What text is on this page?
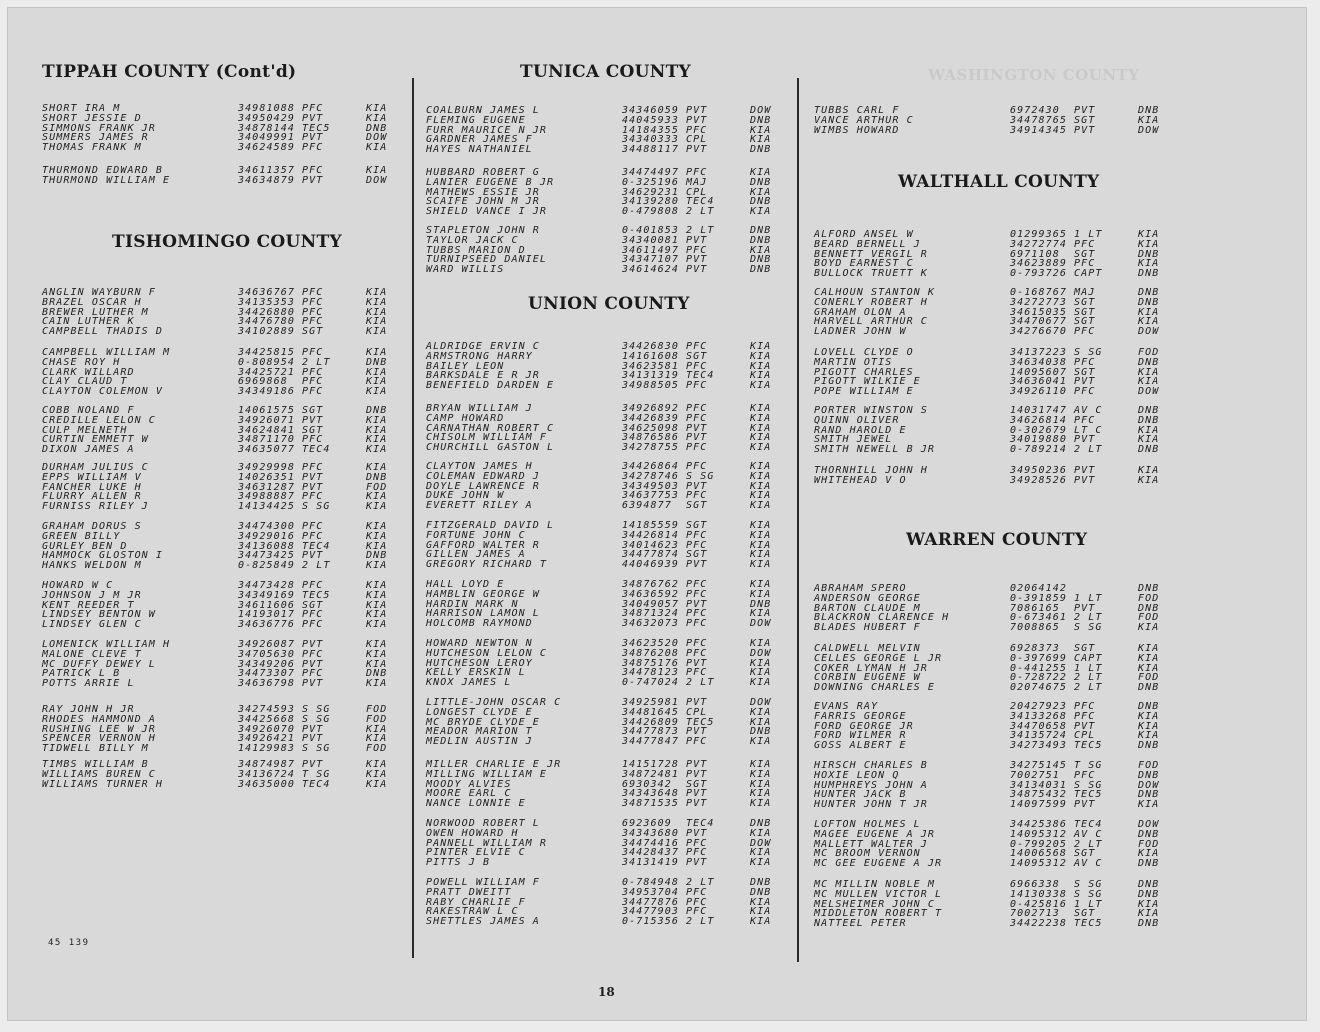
WASHINGTON COUNTY
TIPPAH COUNTY (Cont'd)
SHORT IRA M	34981088 PFC	KIA
SHORT JESSIE D	34950429 PVT	KIA
SIMMONS FRANK JR	34878144 TEC5	DNB
SUMMERS JAMES R	34049991 PVT	DOW
THOMAS FRANK M	34624589 PFC	KIA
THURMOND EDWARD B	34611357 PFC	KIA
THURMOND WILLIAM E	34634879 PVT	DOW
TISHOMINGO COUNTY
ANGLIN WAYBURN F	34636767 PFC	KIA
BRAZEL OSCAR H	34135353 PFC	KIA
BREWER LUTHER M	34426880 PFC	KIA
CAIN LUTHER K	34476780 PFC	KIA
CAMPBELL THADIS D	34102889 SGT	KIA
CAMPBELL WILLIAM M	34425815 PFC	KIA
CHASE ROY H	0-808954 2 LT	DNB
CLARK WILLARD	34425721 PFC	KIA
CLAY CLAUD T	6969868 PFC	KIA
CLAYTON COLEMON V	34349186 PFC	KIA
COBB NOLAND F	14061575 SGT	DNB
CREDILLE LELON C	34926071 PVT	KIA
CULP MELNETH	34624841 SGT	KIA
CURTIN EMMETT W	34871170 PFC	KIA
DIXON JAMES A	34635077 TEC4	KIA
DURHAM JULIUS C	34929998 PFC	KIA
EPPS WILLIAM V	14026351 PVT	DNB
FANCHER LUKE H	34631287 PVT	FOD
FLURRY ALLEN R	34988887 PFC	KIA
FURNISS RILEY J	14134425 S SG	KIA
GRAHAM DORUS S	34474300 PFC	KIA
GREEN BILLY	34929016 PFC	KIA
GURLEY BEN D	34136088 TEC4	KIA
HAMMOCK GLOSTON I	34473425 PVT	DNB
HANKS WELDON M	0-825849 2 LT	KIA
HOWARD W C	34473428 PFC	KIA
JOHNSON J M JR	34349169 TEC5	KIA
KENT REEDER T	34611606 SGT	KIA
LINDSEY BENTON W	14193017 PFC	KIA
LINDSEY GLEN C	34636776 PFC	KIA
LOMENICK WILLIAM H	34926087 PVT	KIA
MALONE CLEVE T	34705630 PFC	KIA
MC DUFFY DEWEY L	34349206 PVT	KIA
PATRICK L B	34473307 PFC	DNB
POTTS ARRIE L	34636798 PVT	KIA
RAY JOHN H JR	34274593 S SG	FOD
RHODES HAMMOND A	34425668 S SG	FOD
RUSHING LEE W JR	34926070 PVT	KIA
SPENCER VERNON H	34926421 PVT	KIA
TIDWELL BILLY M	14129983 S SG	FOD
TIMBS WILLIAM B	34874987 PVT	KIA
WILLIAMS BUREN C	34136724 T SG	KIA
WILLIAMS TURNER H	34635000 TEC4	KIA
TUNICA COUNTY
COALBURN JAMES L	34346059 PVT	DOW
FLEMING EUGENE	44045933 PVT	DNB
FURR MAURICE N JR	14184355 PFC	KIA
GARDNER JAMES F	34340333 CPL	KIA
HAYES NATHANIEL	34488117 PVT	DNB
HUBBARD ROBERT G	34474497 PFC	KIA
LANIER EUGENE B JR	0-325196 MAJ	DNB
MATHEWS ESSIE JR	34629231 CPL	KIA
SCAIFE JOHN M JR	34139280 TEC4	DNB
SHIELD VANCE I JR	0-479808 2 LT	KIA
STAPLETON JOHN R	0-401853 2 LT	DNB
TAYLOR JACK C	34340081 PVT	DNB
TUBBS MARION D	34611497 PFC	KIA
TURNIPSEED DANIEL	34347107 PVT	DNB
WARD WILLIS	34614624 PVT	DNB
UNION COUNTY
ALDRIDGE ERVIN C	34426830 PFC	KIA
ARMSTRONG HARRY	14161608 SGT	KIA
BAILEY LEON	34623581 PFC	KIA
BARKSDALE E R JR	34131319 TEC4	KIA
BENEFIELD DARDEN E	34988505 PFC	KIA
BRYAN WILLIAM J	34926892 PFC	KIA
CAMP HOWARD	34426839 PFC	KIA
CARNATHAN ROBERT C	34625098 PVT	KIA
CHISOLM WILLIAM F	34876586 PVT	KIA
CHURCHILL GASTON L	34278755 PFC	KIA
CLAYTON JAMES H	34426864 PFC	KIA
COLEMAN EDWARD J	34278746 S SG	KIA
DOYLE LAWRENCE R	34349503 PVT	KIA
DUKE JOHN W	34637753 PFC	KIA
EVERETT RILEY A	6394877 SGT	KIA
FITZGERALD DAVID L	14185559 SGT	KIA
FORTUNE JOHN C	34426814 PFC	KIA
GAFFORD WALTER R	34014623 PFC	KIA
GILLEN JAMES A	34477874 SGT	KIA
GREGORY RICHARD T	44046939 PVT	KIA
HALL LOYD E	34876762 PFC	KIA
HAMBLIN GEORGE W	34636592 PFC	KIA
HARDIN MARK N	34049057 PVT	DNB
HARRISON LAMON L	34871324 PFC	KIA
HOLCOMB RAYMOND	34632073 PFC	DOW
HOWARD NEWTON N	34623520 PFC	KIA
HUTCHESON LELON C	34876208 PFC	DOW
HUTCHESON LEROY	34875176 PVT	KIA
KELLY ERSKIN L	34478123 PFC	KIA
KNOX JAMES L	0-747024 2 LT	KIA
LITTLE-JOHN OSCAR C	34925981 PVT	DOW
LONGEST CLYDE E	34481645 CPL	KIA
MC BRYDE CLYDE E	34426809 TEC5	KIA
MEADOR MARION T	34477873 PVT	DNB
MEDLIN AUSTIN J	34477847 PFC	KIA
MILLER CHARLIE E JR	14151728 PVT	KIA
MILLING WILLIAM E	34872481 PVT	KIA
MOODY ALVIES	6930342 SGT	KIA
MOORE EARL C	34343648 PVT	KIA
NANCE LONNIE E	34871535 PVT	KIA
NORWOOD ROBERT L	6923609 TEC4	DNB
OWEN HOWARD H	34343680 PVT	KIA
PANNELL WILLIAM R	34474416 PFC	DOW
PINTER ELVIE C	34428437 PFC	KIA
PITTS J B	34131419 PVT	KIA
POWELL WILLIAM F	0-784948 2 LT	DNB
PRATT DWEITT	34953704 PFC	DNB
RABY CHARLIE F	34477876 PFC	KIA
RAKESTRAW L C	34477903 PFC	KIA
SHETTLES JAMES A	0-715356 2 LT	KIA
TUBBS CARL F	6972430 PVT	DNB
VANCE ARTHUR C	34478765 SGT	KIA
WIMBS HOWARD	34914345 PVT	DOW
WALTHALL COUNTY
ALFORD ANSEL W	01299365 1 LT	KIA
BEARD BERNELL J	34272774 PFC	KIA
BENNETT VERGIL R	6971108 SGT	DNB
BOYD EARNEST C	34623889 PFC	KIA
BULLOCK TRUETT K	0-793726 CAPT	DNB
CALHOUN STANTON K	0-168767 MAJ	DNB
CONERLY ROBERT H	34272773 SGT	DNB
GRAHAM OLON A	34615035 SGT	KIA
HARVELL ARTHUR C	34470677 SGT	KIA
LADNER JOHN W	34276670 PFC	DOW
LOVELL CLYDE O	34137223 S SG	FOD
MARTIN OTIS	34634038 PFC	DNB
PIGOTT CHARLES	14095607 SGT	KIA
PIGOTT WILKIE E	34636041 PVT	KIA
POPE WILLIAM E	34926110 PFC	DOW
PORTER WINSTON S	14031747 AV C	DNB
QUINN OLIVER	34626814 PFC	DNB
RAND HAROLD E	0-302679 LT C	KIA
SMITH JEWEL	34019880 PVT	KIA
SMITH NEWELL B JR	0-789214 2 LT	DNB
THORNHILL JOHN H	34950236 PVT	KIA
WHITEHEAD V O	34928526 PVT	KIA
WARREN COUNTY
ABRAHAM SPERO	02064142	DNB
ANDERSON GEORGE	0-391859 1 LT	FOD
BARTON CLAUDE M	7086165 PVT	DNB
BLACKRON CLARENCE H	0-673461 2 LT	FOD
BLADES HUBERT F	7008865 S SG	KIA
CALDWELL MELVIN	6928373 SGT	KIA
CELLES GEORGE L JR	0-397699 CAPT	KIA
COKER LYMAN H JR	0-441255 1 LT	KIA
CORBIN EUGENE W	0-728722 2 LT	FOD
DOWNING CHARLES E	02074675 2 LT	DNB
EVANS RAY	20427923 PFC	DNB
FARRIS GEORGE	34133268 PFC	KIA
FORD GEORGE JR	34470658 PVT	KIA
FORD WILMER R	34135724 CPL	KIA
GOSS ALBERT E	34273493 TEC5	DNB
HIRSCH CHARLES B	34275145 T SG	FOD
HOXIE LEON Q	7002751 PFC	DNB
HUMPHREYS JOHN A	34134031 S SG	DOW
HUNTER JACK B	34875432 TEC5	DNB
HUNTER JOHN T JR	14097599 PVT	KIA
LOFTON HOLMES L	34425386 TEC4	DOW
MAGEE EUGENE A JR	14095312 AV C	DNB
MALLETT WALTER J	0-799205 2 LT	FOD
MC BROOM VERNON	14006568 SGT	KIA
MC GEE EUGENE A JR	14095312 AV C	DNB
MC MILLIN NOBLE M	6966338 S SG	DNB
MC MULLEN VICTOR L	14130338 S SG	DNB
MELSHEIMER JOHN C	0-425816 1 LT	KIA
MIDDLETON ROBERT T	7002713 SGT	KIA
NATTEEL PETER	34422238 TEC5	DNB
45 139
18
